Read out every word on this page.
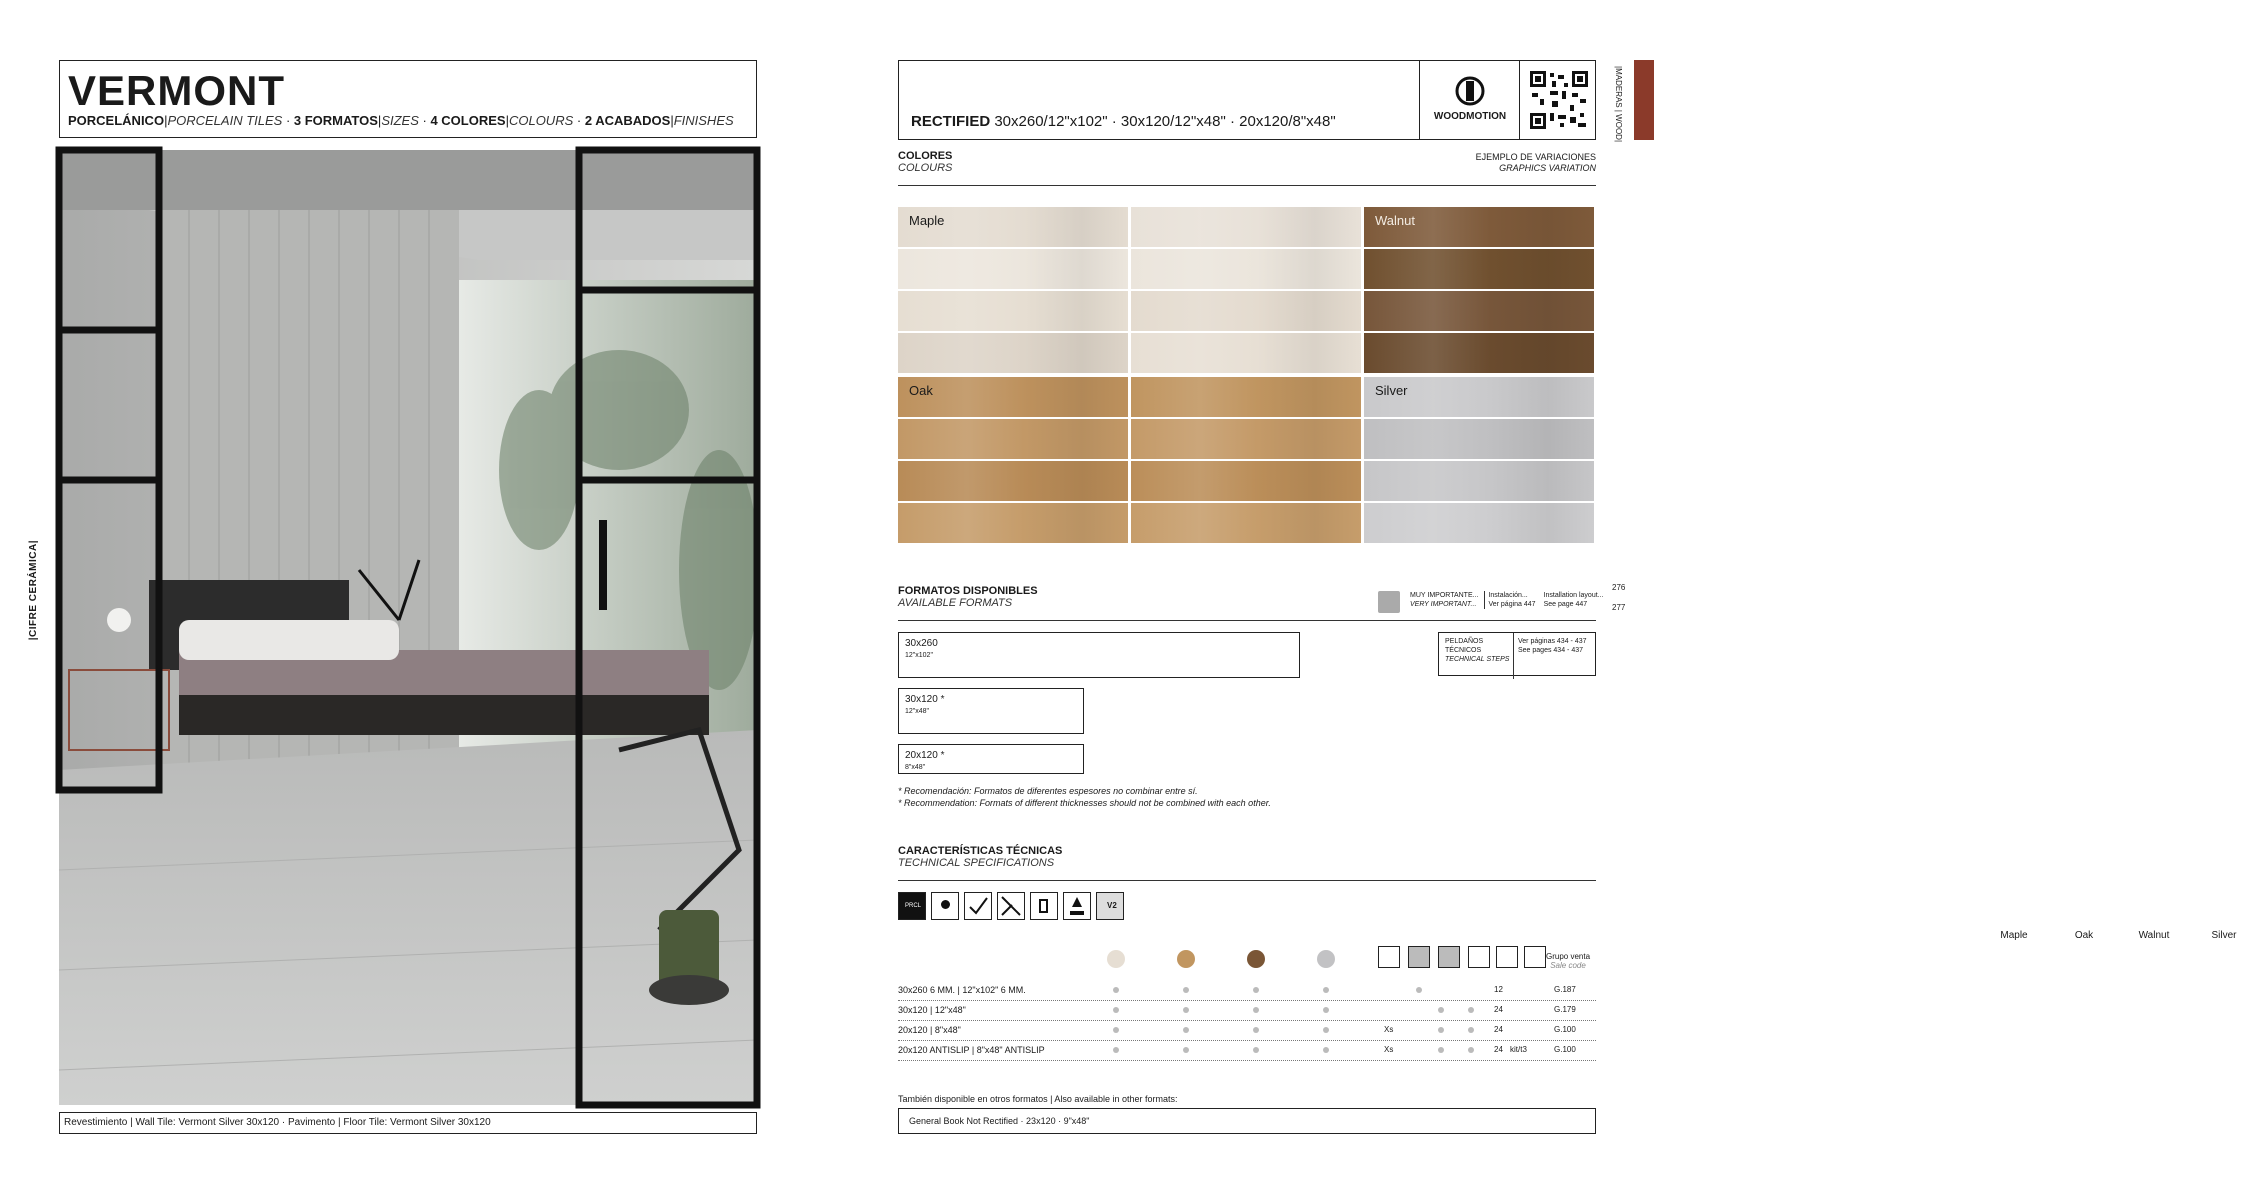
VERMONT
PORCELÁNICO|PORCELAIN TILES · 3 FORMATOS|SIZES · 4 COLORES|COLOURS · 2 ACABADOS|FINISHES
|CIFRE CERÁMICA|
Revestimiento | Wall Tile: Vermont Silver 30x120 · Pavimento | Floor Tile: Vermont Silver 30x120
RECTIFIED 30x260/12"x102" · 30x120/12"x48" · 20x120/8"x48"	WOODMOTION	|MADERAS | WOOD|
COLORES
COLOURS
EJEMPLO DE VARIACIONES
GRAPHICS VARIATION
Maple	Walnut
Oak	Silver
FORMATOS DISPONIBLES
AVAILABLE FORMATS
MUY IMPORTANTE...
VERY IMPORTANT...Instalación...
Ver página 447Installation layout...
See page 447
276
277
30x260
12"x102"
30x120 *
12"x48"
20x120 *
8"x48"
PELDAÑOS
TÉCNICOS
TECHNICAL STEPS
Ver páginas 434 - 437
See pages 434 - 437
* Recomendación: Formatos de diferentes espesores no combinar entre sí.
* Recommendation: Formats of different thicknesses should not be combined with each other.
CARACTERÍSTICAS TÉCNICAS
TECHNICAL SPECIFICATIONS
PRCL	V2
Maple	Oak	Walnut	Silver
Grupo venta
Sale code
30x260 6 MM. | 12"x102" 6 MM.	12	G.187
30x120 | 12"x48"	24	G.179
20x120 | 8"x48"	Xs	24	G.100
20x120 ANTISLIP | 8"x48" ANTISLIP	Xs	24 kit/t3	G.100
También disponible en otros formatos | Also available in other formats:
General Book Not Rectified · 23x120 · 9"x48"
